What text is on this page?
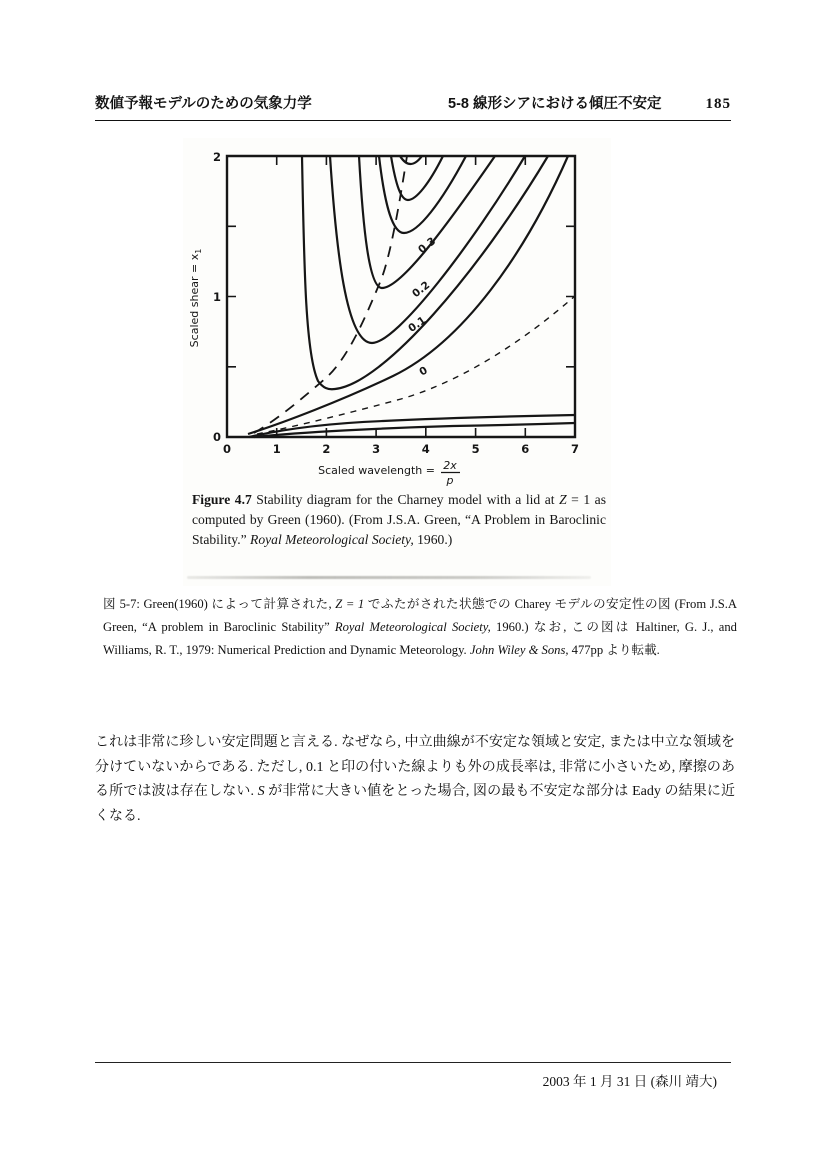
数値予報モデルのための気象力学	5-8 線形シアにおける傾圧不安定	185
0.3
0.2
0.1
0
2
1
0
0	1	2	3	4	5	6	7
Scaled shear = $x_1$
Scaled wavelength = 2x
p
Figure 4.7 Stability diagram for the Charney model with a lid at Z = 1 as computed by Green (1960). (From J.S.A. Green, “A Problem in Baroclinic Stability.” Royal Meteorological Society, 1960.)
図 5-7: Green(1960) によって計算された, Z = 1 でふたがされた状態での Charey モデルの安定性の図 (From J.S.A Green, “A problem in Baroclinic Stability” Royal Meteorological Society, 1960.) なお, この図は Haltiner, G. J., and Williams, R. T., 1979: Numerical Prediction and Dynamic Meteorology. John Wiley & Sons, 477pp より転載.
これは非常に珍しい安定問題と言える. なぜなら, 中立曲線が不安定な領域と安定, または中立な領域を分けていないからである. ただし, 0.1 と印の付いた線よりも外の成長率は, 非常に小さいため, 摩擦のある所では波は存在しない. S が非常に大きい値をとった場合, 図の最も不安定な部分は Eady の結果に近くなる.
2003 年 1 月 31 日 (森川 靖大)
